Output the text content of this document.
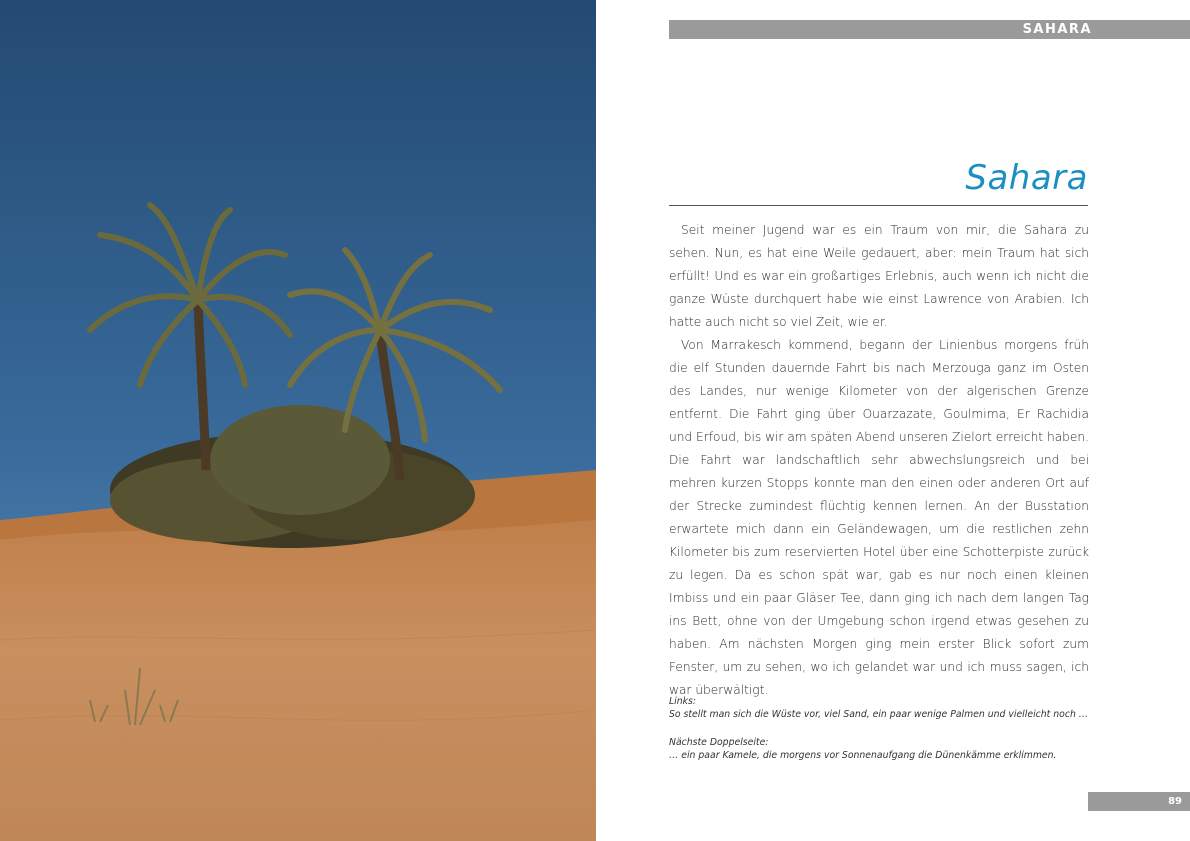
SAHARA
Sahara

Seit meiner Jugend war es ein Traum von mir, die Sahara zu sehen. Nun, es hat eine Weile gedauert, aber: mein Traum hat sich erfüllt! Und es war ein großartiges Erlebnis, auch wenn ich nicht die ganze Wüste durchquert habe wie einst Lawrence von Arabien. Ich hatte auch nicht so viel Zeit, wie er.

Von Marrakesch kommend, begann der Linienbus morgens früh die elf Stunden dauernde Fahrt bis nach Merzouga ganz im Osten des Landes, nur wenige Kilometer von der algerischen Grenze entfernt. Die Fahrt ging über Ouarzazate, Goulmima, Er Rachidia und Erfoud, bis wir am späten Abend unseren Zielort erreicht haben. Die Fahrt war landschaftlich sehr abwechslungsreich und bei mehren kurzen Stopps konnte man den einen oder anderen Ort auf der Strecke zumindest flüchtig kennen lernen. An der Busstation erwartete mich dann ein Geländewagen, um die restlichen zehn Kilometer bis zum reservierten Hotel über eine Schotterpiste zurück zu legen. Da es schon spät war, gab es nur noch einen kleinen Imbiss und ein paar Gläser Tee, dann ging ich nach dem langen Tag ins Bett, ohne von der Umgebung schon irgend etwas gesehen zu haben. Am nächsten Morgen ging mein erster Blick sofort zum Fenster, um zu sehen, wo ich gelandet war und ich muss sagen, ich war überwältigt.

Links:
So stellt man sich die Wüste vor, viel Sand, ein paar wenige Palmen und vielleicht noch …
Nächste Doppelseite:
… ein paar Kamele, die morgens vor Sonnenaufgang die Dünenkämme erklimmen.
89
